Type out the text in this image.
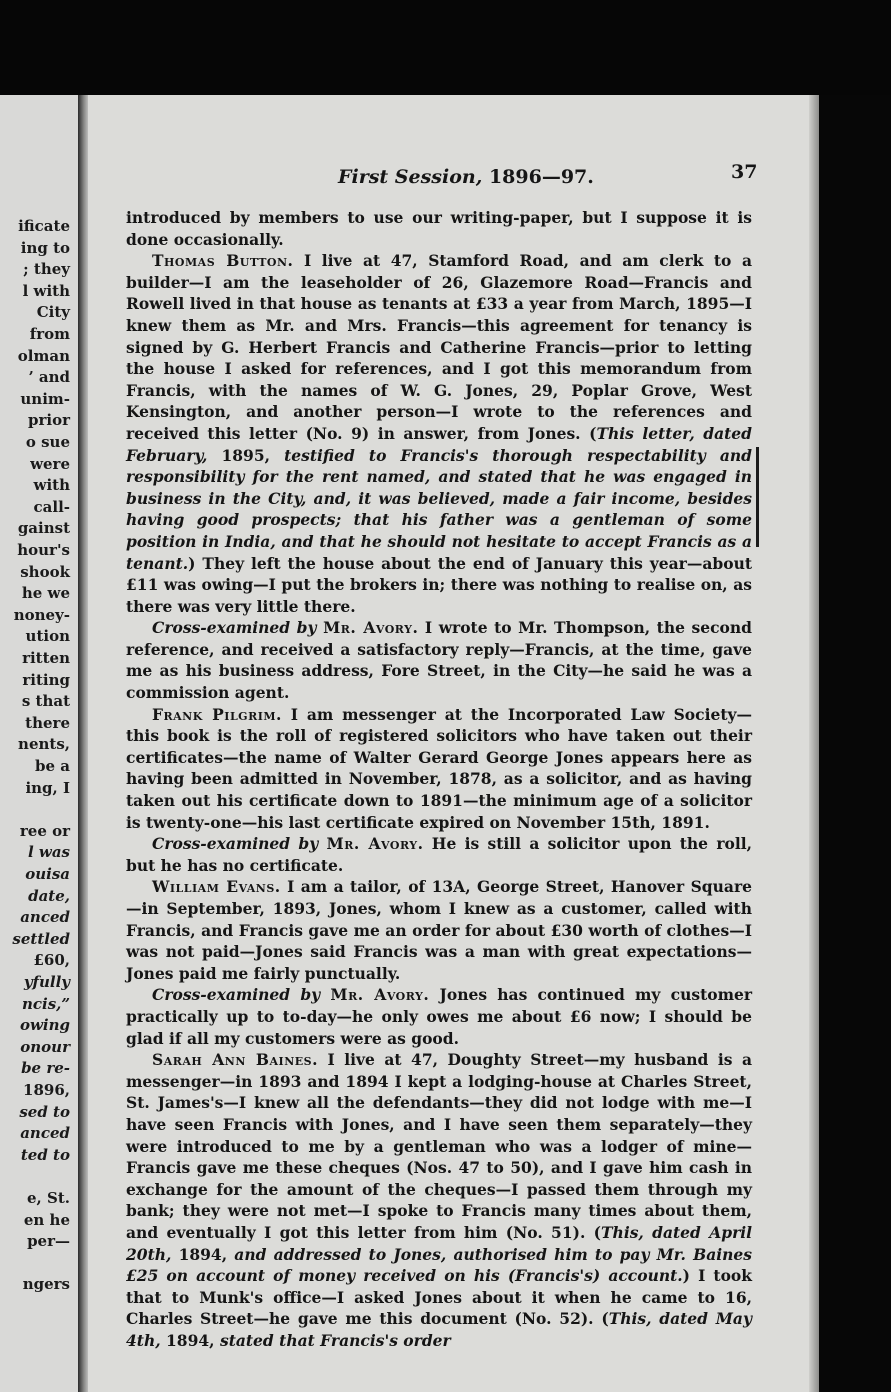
ificate
ing to
; they
l with
City
from
olman
’ and
unim-
prior
o sue
were
with
call-
gainst
hour's
shook
he we
noney-
ution
ritten
riting
s that
there
nents,
be a
ing, I
ree or
l was
ouisa
date,
anced
settled
£60,
yfully
ncis,”
owing
onour
be re-
1896,
sed to
anced
ted to
e, St.
en he
per—
ngers
First Session, 1896—97.	37

introduced by members to use our writing-paper, but I suppose it is done occasionally.

Thomas Button. I live at 47, Stamford Road, and am clerk to a builder—I am the leaseholder of 26, Glazemore Road—Francis and Rowell lived in that house as tenants at £33 a year from March, 1895—I knew them as Mr. and Mrs. Francis—this agreement for tenancy is signed by G. Herbert Francis and Catherine Francis—prior to letting the house I asked for references, and I got this memorandum from Francis, with the names of W. G. Jones, 29, Poplar Grove, West Kensington, and another person—I wrote to the references and received this letter (No. 9) in answer, from Jones. (This letter, dated February, 1895, testified to Francis's thorough respectability and responsibility for the rent named, and stated that he was engaged in business in the City, and, it was believed, made a fair income, besides having good prospects; that his father was a gentleman of some position in India, and that he should not hesitate to accept Francis as a tenant.) They left the house about the end of January this year—about £11 was owing—I put the brokers in; there was nothing to realise on, as there was very little there.

Cross-examined by Mr. Avory. I wrote to Mr. Thompson, the second reference, and received a satisfactory reply—Francis, at the time, gave me as his business address, Fore Street, in the City—he said he was a commission agent.

Frank Pilgrim. I am messenger at the Incorporated Law Society—this book is the roll of registered solicitors who have taken out their certificates—the name of Walter Gerard George Jones appears here as having been admitted in November, 1878, as a solicitor, and as having taken out his certificate down to 1891—the minimum age of a solicitor is twenty-one—his last certificate expired on November 15th, 1891.

Cross-examined by Mr. Avory. He is still a solicitor upon the roll, but he has no certificate.

William Evans. I am a tailor, of 13A, George Street, Hanover Square—in September, 1893, Jones, whom I knew as a customer, called with Francis, and Francis gave me an order for about £30 worth of clothes—I was not paid—Jones said Francis was a man with great expectations—Jones paid me fairly punctually.

Cross-examined by Mr. Avory. Jones has continued my customer practically up to to-day—he only owes me about £6 now; I should be glad if all my customers were as good.

Sarah Ann Baines. I live at 47, Doughty Street—my husband is a messenger—in 1893 and 1894 I kept a lodging-house at Charles Street, St. James's—I knew all the defendants—they did not lodge with me—I have seen Francis with Jones, and I have seen them separately—they were introduced to me by a gentleman who was a lodger of mine—Francis gave me these cheques (Nos. 47 to 50), and I gave him cash in exchange for the amount of the cheques—I passed them through my bank; they were not met—I spoke to Francis many times about them, and eventually I got this letter from him (No. 51). (This, dated April 20th, 1894, and addressed to Jones, authorised him to pay Mr. Baines £25 on account of money received on his (Francis's) account.) I took that to Munk's office—I asked Jones about it when he came to 16, Charles Street—he gave me this document (No. 52). (This, dated May 4th, 1894, stated that Francis's order
